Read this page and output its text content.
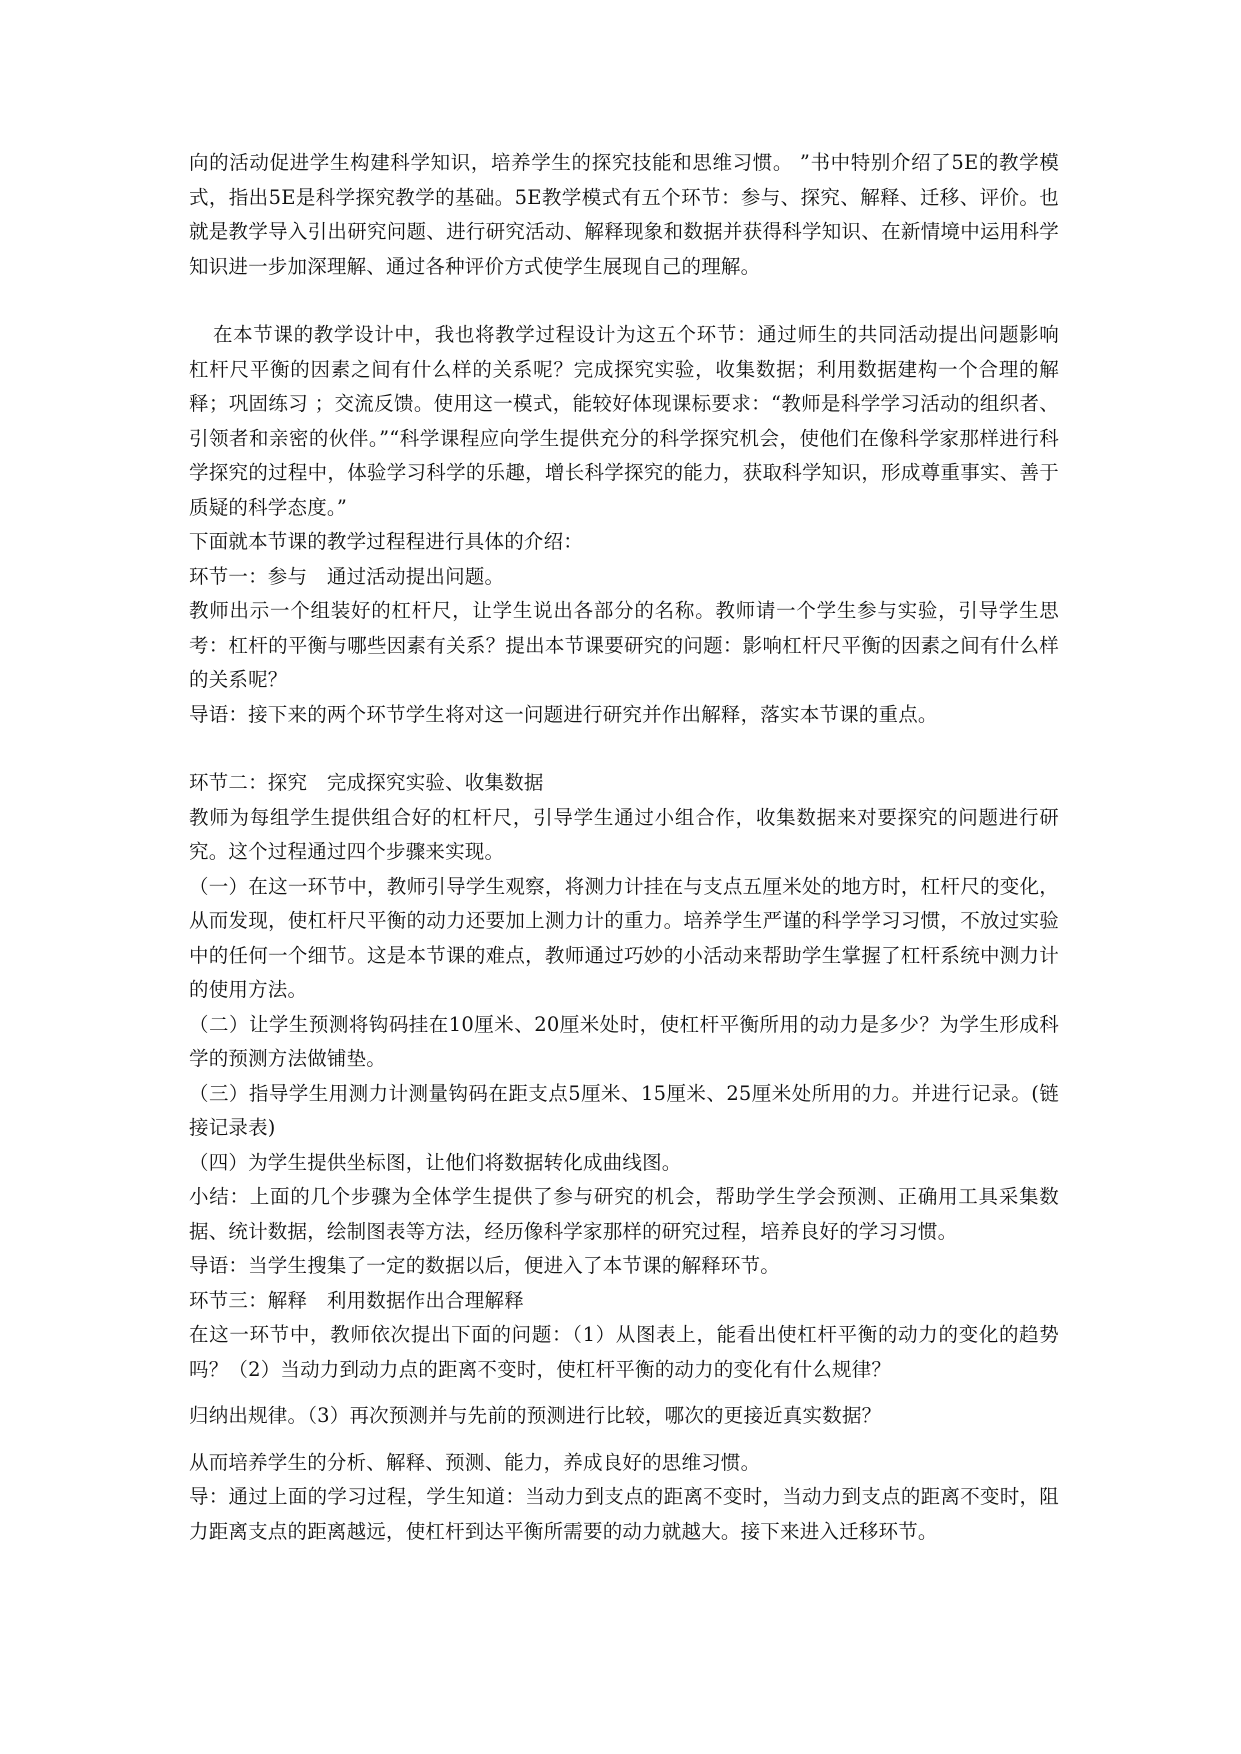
向的活动促进学生构建科学知识，培养学生的探究技能和思维习惯。 ”书中特别介绍了5E的教学模式，指出5E是科学探究教学的基础。5E教学模式有五个环节：参与、探究、解释、迁移、评价。也就是教学导入引出研究问题、进行研究活动、解释现象和数据并获得科学知识、在新情境中运用科学知识进一步加深理解、通过各种评价方式使学生展现自己的理解。

在本节课的教学设计中，我也将教学过程设计为这五个环节：通过师生的共同活动提出问题影响杠杆尺平衡的因素之间有什么样的关系呢？完成探究实验，收集数据；利用数据建构一个合理的解释；巩固练习 ；交流反馈。使用这一模式，能较好体现课标要求：“教师是科学学习活动的组织者、引领者和亲密的伙伴。”“科学课程应向学生提供充分的科学探究机会，使他们在像科学家那样进行科学探究的过程中，体验学习科学的乐趣，增长科学探究的能力，获取科学知识，形成尊重事实、善于质疑的科学态度。”

下面就本节课的教学过程程进行具体的介绍：

环节一：参与　通过活动提出问题。

教师出示一个组装好的杠杆尺，让学生说出各部分的名称。教师请一个学生参与实验，引导学生思考：杠杆的平衡与哪些因素有关系？提出本节课要研究的问题：影响杠杆尺平衡的因素之间有什么样的关系呢？

导语：接下来的两个环节学生将对这一问题进行研究并作出解释，落实本节课的重点。

环节二：探究　完成探究实验、收集数据

教师为每组学生提供组合好的杠杆尺，引导学生通过小组合作，收集数据来对要探究的问题进行研究。这个过程通过四个步骤来实现。

（一）在这一环节中，教师引导学生观察，将测力计挂在与支点五厘米处的地方时，杠杆尺的变化，从而发现，使杠杆尺平衡的动力还要加上测力计的重力。培养学生严谨的科学学习习惯，不放过实验中的任何一个细节。这是本节课的难点，教师通过巧妙的小活动来帮助学生掌握了杠杆系统中测力计的使用方法。

（二）让学生预测将钩码挂在10厘米、20厘米处时，使杠杆平衡所用的动力是多少？为学生形成科学的预测方法做铺垫。

（三）指导学生用测力计测量钩码在距支点5厘米、15厘米、25厘米处所用的力。并进行记录。(链接记录表)

（四）为学生提供坐标图，让他们将数据转化成曲线图。

小结：上面的几个步骤为全体学生提供了参与研究的机会，帮助学生学会预测、正确用工具采集数据、统计数据，绘制图表等方法，经历像科学家那样的研究过程，培养良好的学习习惯。

导语：当学生搜集了一定的数据以后，便进入了本节课的解释环节。

环节三：解释　利用数据作出合理解释

在这一环节中，教师依次提出下面的问题：（1）从图表上，能看出使杠杆平衡的动力的变化的趋势吗？（2）当动力到动力点的距离不变时，使杠杆平衡的动力的变化有什么规律？

归纳出规律。（3）再次预测并与先前的预测进行比较，哪次的更接近真实数据？

从而培养学生的分析、解释、预测、能力，养成良好的思维习惯。

导：通过上面的学习过程，学生知道：当动力到支点的距离不变时，当动力到支点的距离不变时，阻力距离支点的距离越远，使杠杆到达平衡所需要的动力就越大。接下来进入迁移环节。
